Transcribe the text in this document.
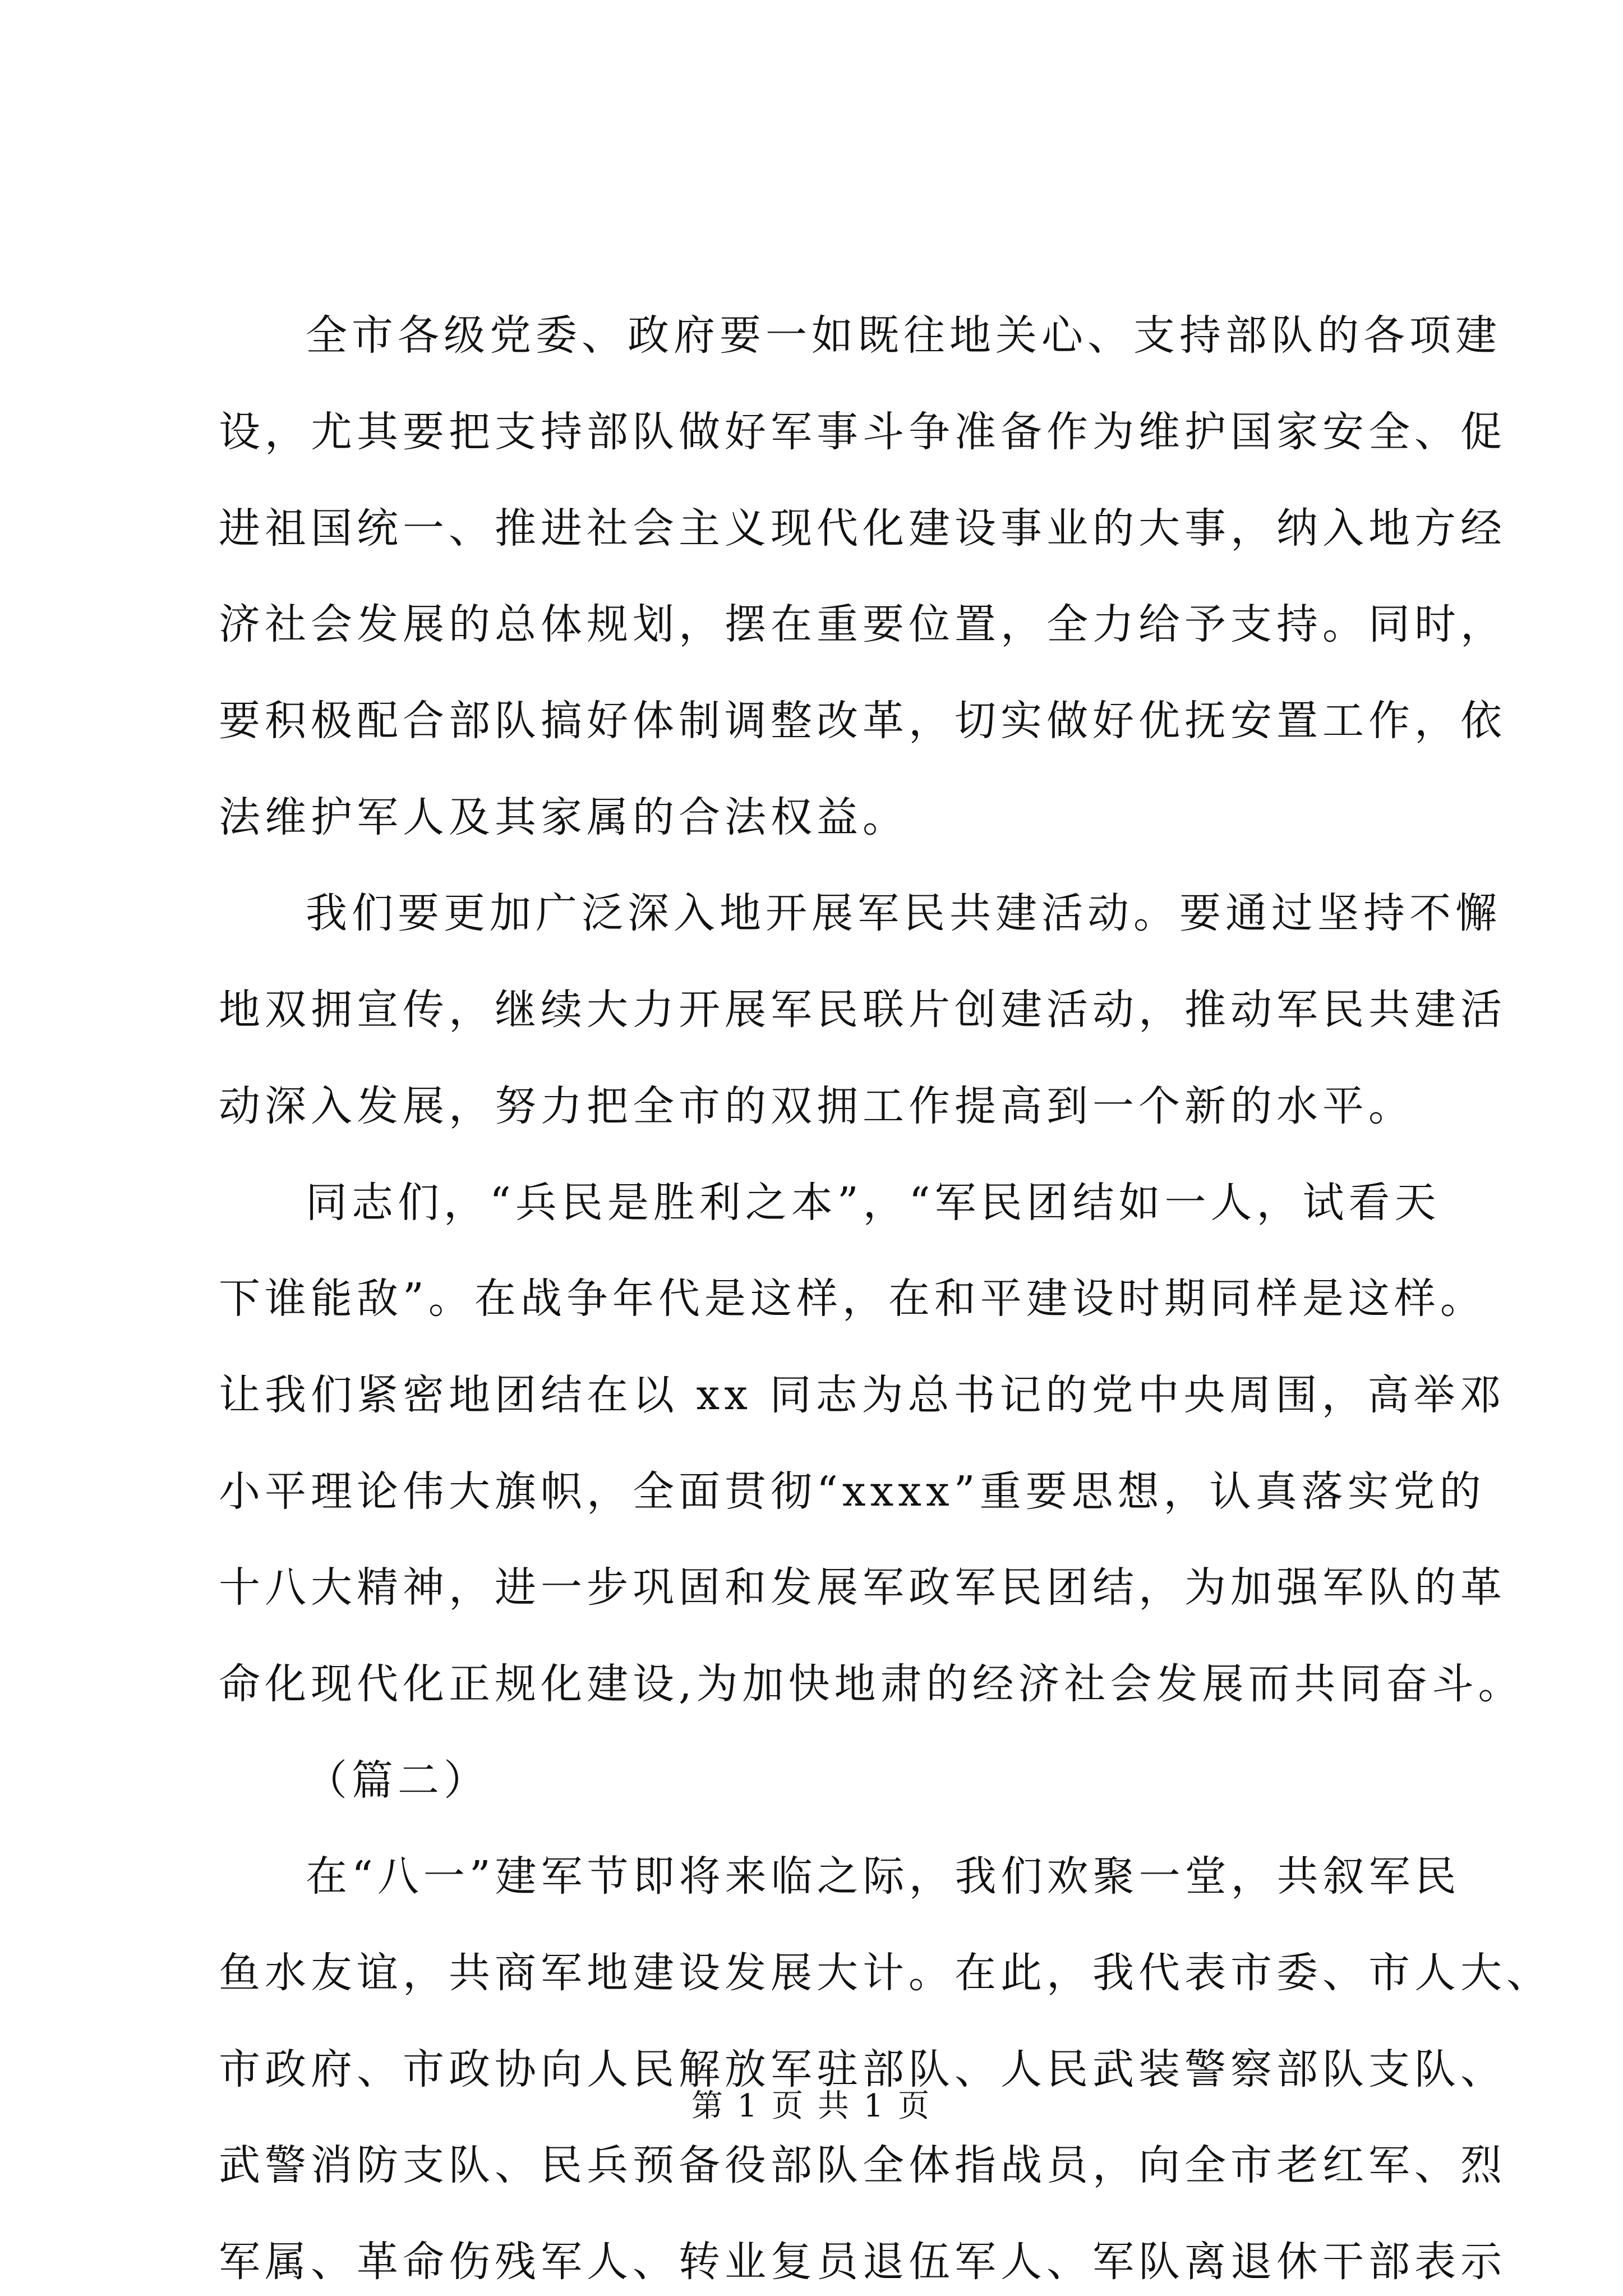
全市各级党委、政府要一如既往地关心、支持部队的各项建
设，尤其要把支持部队做好军事斗争准备作为维护国家安全、促
进祖国统一、推进社会主义现代化建设事业的大事，纳入地方经
济社会发展的总体规划，摆在重要位置，全力给予支持。同时，
要积极配合部队搞好体制调整改革，切实做好优抚安置工作，依
法维护军人及其家属的合法权益。
我们要更加广泛深入地开展军民共建活动。要通过坚持不懈
地双拥宣传，继续大力开展军民联片创建活动，推动军民共建活
动深入发展，努力把全市的双拥工作提高到一个新的水平。
同志们，“兵民是胜利之本”，“军民团结如一人，试看天
下谁能敌”。在战争年代是这样，在和平建设时期同样是这样。
让我们紧密地团结在以 xx 同志为总书记的党中央周围，高举邓
小平理论伟大旗帜，全面贯彻“xxxx”重要思想，认真落实党的
十八大精神，进一步巩固和发展军政军民团结，为加强军队的革
命化现代化正规化建设,为加快地肃的经济社会发展而共同奋斗。
（篇二）
在“八一”建军节即将来临之际，我们欢聚一堂，共叙军民
鱼水友谊，共商军地建设发展大计。在此，我代表市委、市人大、
市政府、市政协向人民解放军驻部队、人民武装警察部队支队、
武警消防支队、民兵预备役部队全体指战员，向全市老红军、烈
军属、革命伤残军人、转业复员退伍军人、军队离退休干部表示
第 1 页 共 1 页
